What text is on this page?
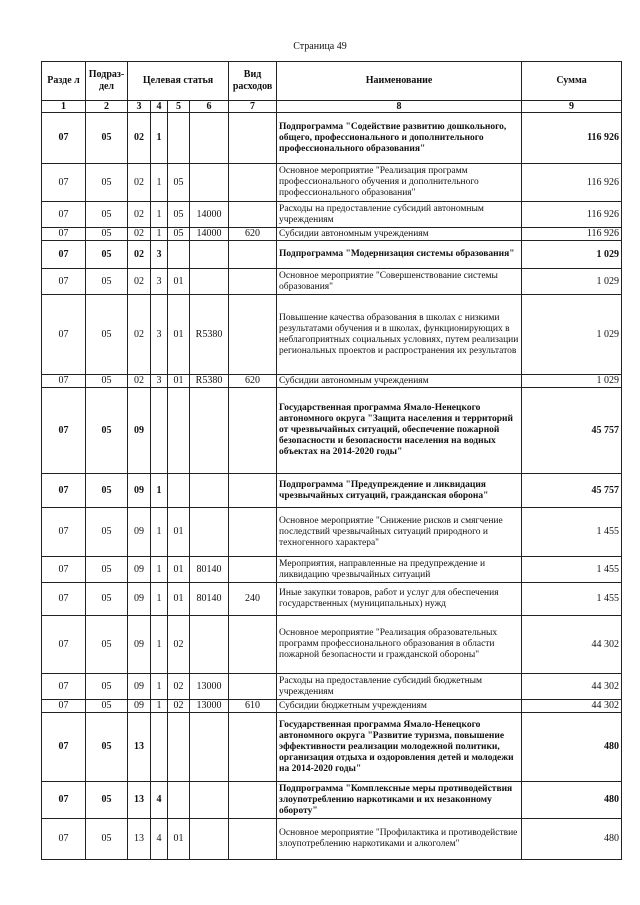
Страница 49
Разде л	Подраз- дел	Целевая статья				Вид расходов	Наименование	Сумма
1	2	3	4	5	6	7	8	9
07	05	02	1				Подпрограмма "Содействие развитию дошкольного, общего, профессионального и дополнительного профессионального образования"	116 926
07	05	02	1	05			Основное мероприятие "Реализация программ профессионального обучения и дополнительного профессионального образования"	116 926
07	05	02	1	05	14000		Расходы на предоставление субсидий автономным учреждениям	116 926
07	05	02	1	05	14000	620	Субсидии автономным учреждениям	116 926
07	05	02	3				Подпрограмма "Модернизация системы образования"	1 029
07	05	02	3	01			Основное мероприятие "Совершенствование системы образования"	1 029
07	05	02	3	01	R5380		Повышение качества образования в школах с низкими результатами обучения и в школах, функционирующих в неблагоприятных социальных условиях, путем реализации региональных проектов и распространения их результатов	1 029
07	05	02	3	01	R5380	620	Субсидии автономным учреждениям	1 029
07	05	09					Государственная программа Ямало-Ненецкого автономного округа "Защита населения и территорий от чрезвычайных ситуаций, обеспечение пожарной безопасности и безопасности населения на водных объектах на 2014-2020 годы"	45 757
07	05	09	1				Подпрограмма "Предупреждение и ликвидация чрезвычайных ситуаций, гражданская оборона"	45 757
07	05	09	1	01			Основное мероприятие "Снижение рисков и смягчение последствий чрезвычайных ситуаций природного и техногенного характера"	1 455
07	05	09	1	01	80140		Мероприятия, направленные на предупреждение и ликвидацию чрезвычайных ситуаций	1 455
07	05	09	1	01	80140	240	Иные закупки товаров, работ и услуг для обеспечения государственных (муниципальных) нужд	1 455
07	05	09	1	02			Основное мероприятие "Реализация образовательных программ профессионального образования в области пожарной безопасности и гражданской обороны"	44 302
07	05	09	1	02	13000		Расходы на предоставление субсидий бюджетным учреждениям	44 302
07	05	09	1	02	13000	610	Субсидии бюджетным учреждениям	44 302
07	05	13					Государственная программа Ямало-Ненецкого автономного округа "Развитие туризма, повышение эффективности реализации молодежной политики, организация отдыха и оздоровления детей и молодежи на 2014-2020 годы"	480
07	05	13	4				Подпрограмма "Комплексные меры противодействия злоупотреблению наркотиками и их незаконному обороту"	480
07	05	13	4	01			Основное мероприятие "Профилактика и противодействие злоупотреблению наркотиками и алкоголем"	480
